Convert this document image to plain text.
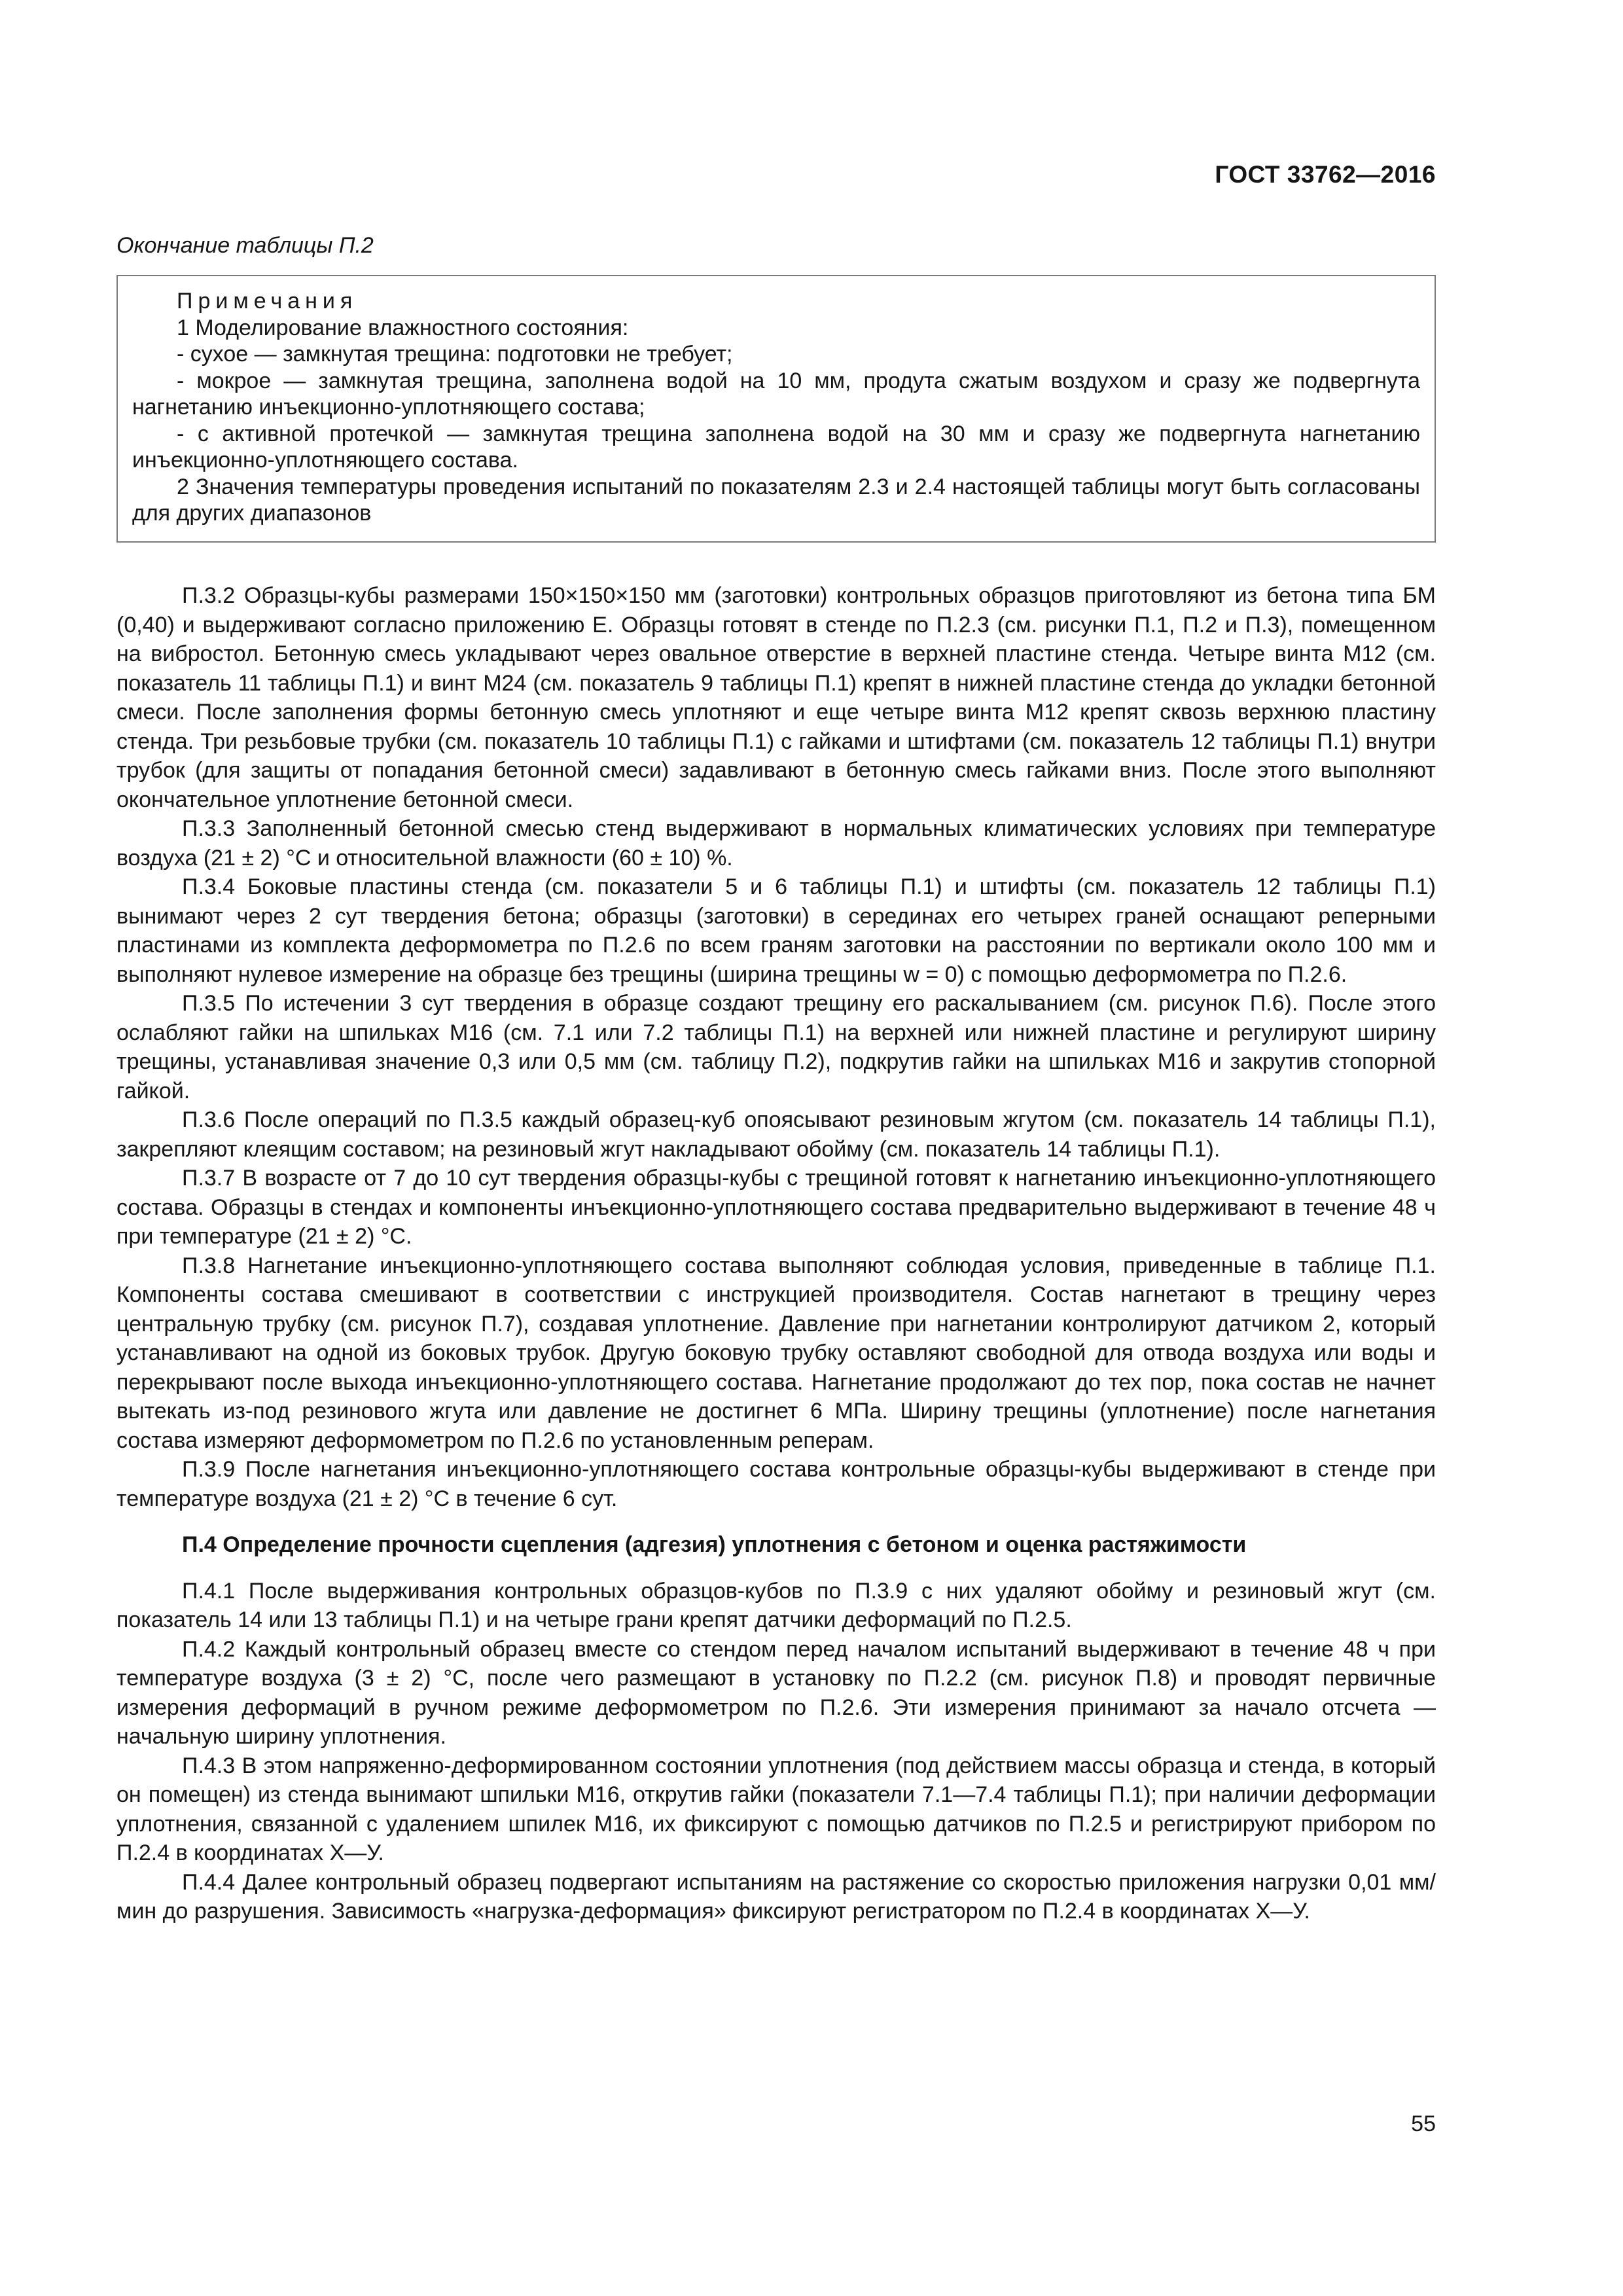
ГОСТ 33762—2016
Окончание таблицы П.2

Примечания

1 Моделирование влажностного состояния:

- сухое — замкнутая трещина: подготовки не требует;

- мокрое — замкнутая трещина, заполнена водой на 10 мм, продута сжатым воздухом и сразу же подвергнута нагнетанию инъекционно-уплотняющего состава;

- с активной протечкой — замкнутая трещина заполнена водой на 30 мм и сразу же подвергнута нагнетанию инъекционно-уплотняющего состава.

2 Значения температуры проведения испытаний по показателям 2.3 и 2.4 настоящей таблицы могут быть согласованы для других диапазонов

П.3.2 Образцы-кубы размерами 150×150×150 мм (заготовки) контрольных образцов приготовляют из бетона типа БМ (0,40) и выдерживают согласно приложению Е. Образцы готовят в стенде по П.2.3 (см. рисунки П.1, П.2 и П.3), помещенном на вибростол. Бетонную смесь укладывают через овальное отверстие в верхней пластине стенда. Четыре винта М12 (см. показатель 11 таблицы П.1) и винт М24 (см. показатель 9 таблицы П.1) крепят в нижней пластине стенда до укладки бетонной смеси. После заполнения формы бетонную смесь уплотняют и еще четыре винта М12 крепят сквозь верхнюю пластину стенда. Три резьбовые трубки (см. показатель 10 таблицы П.1) с гайками и штифтами (см. показатель 12 таблицы П.1) внутри трубок (для защиты от попадания бетонной смеси) задавливают в бетонную смесь гайками вниз. После этого выполняют окончательное уплотнение бетонной смеси.

П.3.3 Заполненный бетонной смесью стенд выдерживают в нормальных климатических условиях при температуре воздуха (21 ± 2) °С и относительной влажности (60 ± 10) %.

П.3.4 Боковые пластины стенда (см. показатели 5 и 6 таблицы П.1) и штифты (см. показатель 12 таблицы П.1) вынимают через 2 сут твердения бетона; образцы (заготовки) в серединах его четырех граней оснащают реперными пластинами из комплекта деформометра по П.2.6 по всем граням заготовки на расстоянии по вертикали около 100 мм и выполняют нулевое измерение на образце без трещины (ширина трещины w = 0) с помощью деформометра по П.2.6.

П.3.5 По истечении 3 сут твердения в образце создают трещину его раскалыванием (см. рисунок П.6). После этого ослабляют гайки на шпильках М16 (см. 7.1 или 7.2 таблицы П.1) на верхней или нижней пластине и регулируют ширину трещины, устанавливая значение 0,3 или 0,5 мм (см. таблицу П.2), подкрутив гайки на шпильках М16 и закрутив стопорной гайкой.

П.3.6 После операций по П.3.5 каждый образец-куб опоясывают резиновым жгутом (см. показатель 14 таблицы П.1), закрепляют клеящим составом; на резиновый жгут накладывают обойму (см. показатель 14 таблицы П.1).

П.3.7 В возрасте от 7 до 10 сут твердения образцы-кубы с трещиной готовят к нагнетанию инъекционно-уплотняющего состава. Образцы в стендах и компоненты инъекционно-уплотняющего состава предварительно выдерживают в течение 48 ч при температуре (21 ± 2) °С.

П.3.8 Нагнетание инъекционно-уплотняющего состава выполняют соблюдая условия, приведенные в таблице П.1. Компоненты состава смешивают в соответствии с инструкцией производителя. Состав нагнетают в трещину через центральную трубку (см. рисунок П.7), создавая уплотнение. Давление при нагнетании контролируют датчиком 2, который устанавливают на одной из боковых трубок. Другую боковую трубку оставляют свободной для отвода воздуха или воды и перекрывают после выхода инъекционно-уплотняющего состава. Нагнетание продолжают до тех пор, пока состав не начнет вытекать из-под резинового жгута или давление не достигнет 6 МПа. Ширину трещины (уплотнение) после нагнетания состава измеряют деформометром по П.2.6 по установленным реперам.

П.3.9 После нагнетания инъекционно-уплотняющего состава контрольные образцы-кубы выдерживают в стенде при температуре воздуха (21 ± 2) °С в течение 6 сут.

П.4 Определение прочности сцепления (адгезия) уплотнения с бетоном и оценка растяжимости

П.4.1 После выдерживания контрольных образцов-кубов по П.3.9 с них удаляют обойму и резиновый жгут (см. показатель 14 или 13 таблицы П.1) и на четыре грани крепят датчики деформаций по П.2.5.

П.4.2 Каждый контрольный образец вместе со стендом перед началом испытаний выдерживают в течение 48 ч при температуре воздуха (3 ± 2) °С, после чего размещают в установку по П.2.2 (см. рисунок П.8) и проводят первичные измерения деформаций в ручном режиме деформометром по П.2.6. Эти измерения принимают за начало отсчета — начальную ширину уплотнения.

П.4.3 В этом напряженно-деформированном состоянии уплотнения (под действием массы образца и стенда, в который он помещен) из стенда вынимают шпильки М16, открутив гайки (показатели 7.1—7.4 таблицы П.1); при наличии деформации уплотнения, связанной с удалением шпилек М16, их фиксируют с помощью датчиков по П.2.5 и регистрируют прибором по П.2.4 в координатах Х—У.

П.4.4 Далее контрольный образец подвергают испытаниям на растяжение со скоростью приложения нагрузки 0,01 мм/мин до разрушения. Зависимость «нагрузка-деформация» фиксируют регистратором по П.2.4 в координатах Х—У.

55
